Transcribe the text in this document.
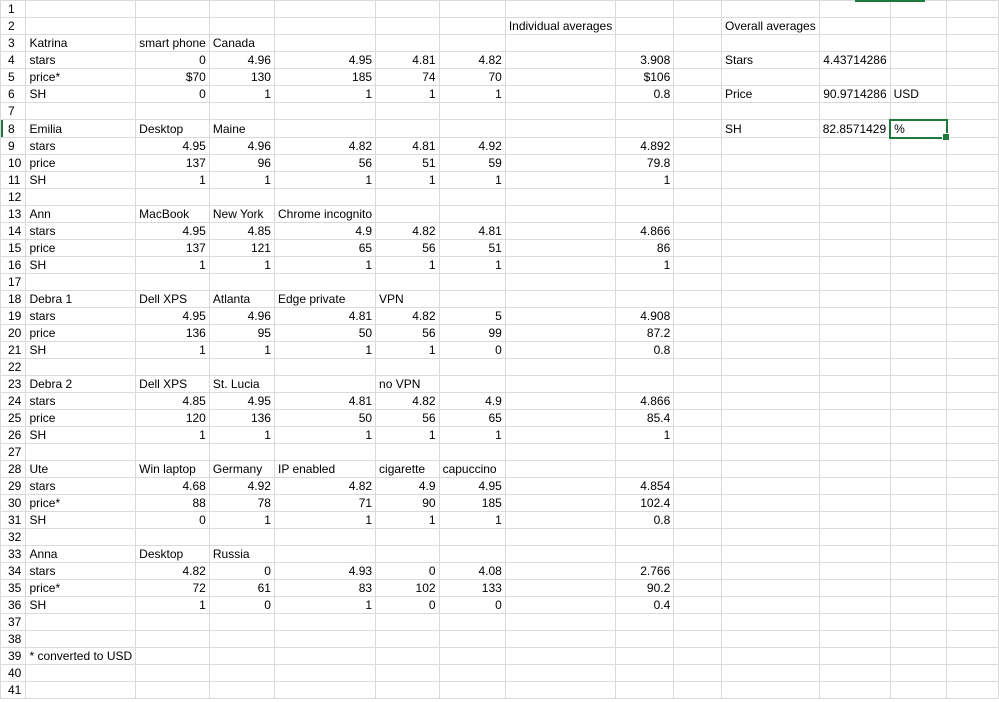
1													
2							Individual averages			Overall averages			
3	Katrina	smart phone	Canada										
4	stars	0	4.96	4.95	4.81	4.82		3.908		Stars	4.43714286		
5	price*	$70	130	185	74	70		$106					
6	SH	0	1	1	1	1		0.8		Price	90.9714286	USD	
7													
8	Emilia	Desktop	Maine							SH	82.8571429	%

9	stars	4.95	4.96	4.82	4.81	4.92		4.892					
10	price	137	96	56	51	59		79.8					
11	SH	1	1	1	1	1		1					
12													
13	Ann	MacBook	New York	Chrome incognito									
14	stars	4.95	4.85	4.9	4.82	4.81		4.866					
15	price	137	121	65	56	51		86					
16	SH	1	1	1	1	1		1					
17													
18	Debra 1	Dell XPS	Atlanta	Edge private	VPN								
19	stars	4.95	4.96	4.81	4.82	5		4.908					
20	price	136	95	50	56	99		87.2					
21	SH	1	1	1	1	0		0.8					
22													
23	Debra 2	Dell XPS	St. Lucia		no VPN								
24	stars	4.85	4.95	4.81	4.82	4.9		4.866					
25	price	120	136	50	56	65		85.4					
26	SH	1	1	1	1	1		1					
27													
28	Ute	Win laptop	Germany	IP enabled	cigarette	capuccino							
29	stars	4.68	4.92	4.82	4.9	4.95		4.854					
30	price*	88	78	71	90	185		102.4					
31	SH	0	1	1	1	1		0.8					
32													
33	Anna	Desktop	Russia										
34	stars	4.82	0	4.93	0	4.08		2.766					
35	price*	72	61	83	102	133		90.2					
36	SH	1	0	1	0	0		0.4					
37													
38													
39	* converted to USD												
40													
41													
